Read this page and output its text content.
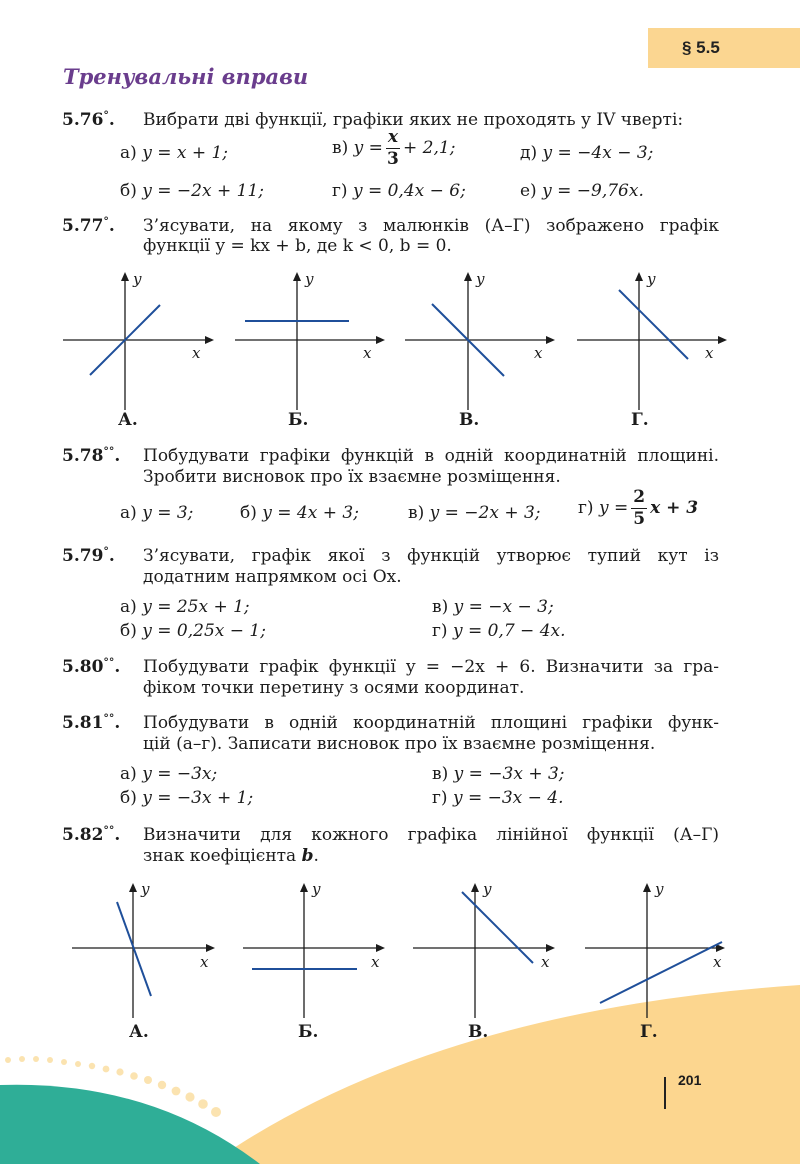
§ 5.5
Тренувальні вправи
5.76°. Вибрати дві функції, графіки яких не проходять у IV чверті:
а) y = x + 1;	в) $y = \frac{x}{3} + 2,1$;	д) y = −4x − 3;
б) y = −2x + 11;	г) y = 0,4x − 6;	е) y = −9,76x.
5.77°. З’ясувати, на якому з малюнків (А–Г) зображено графік
функції y = kx + b, де k < 0, b = 0.
y
x
y
x
y
x
y
x
А.	Б.	В.	Г.
5.78°°. Побудувати графіки функцій в одній координатній площині.
Зробити висновок про їх взаємне розміщення.
а) y = 3;	б) y = 4x + 3;	в) y = −2x + 3; г) $y = \frac{2}{5}$ x + 3
5.79°. З’ясувати, графік якої з функцій утворює тупий кут із
додатним напрямком осі Ox.
а) y = 25x + 1;	в) y = −x − 3;
б) y = 0,25x − 1;	г) y = 0,7 − 4x.
5.80°°. Побудувати графік функції y = −2x + 6. Визначити за гра-
фіком точки перетину з осями координат.
5.81°°. Побудувати в одній координатній площині графіки функ-
цій (а–г). Записати висновок про їх взаємне розміщення.
а) y = −3x;	в) y = −3x + 3;
б) y = −3x + 1;	г) y = −3x − 4.
5.82°°. Визначити для кожного графіка лінійної функції (А–Г)
знак коефіцієнта b.
y
x
y
x
y
x
y
x
А.	Б.	В.	Г.
201
